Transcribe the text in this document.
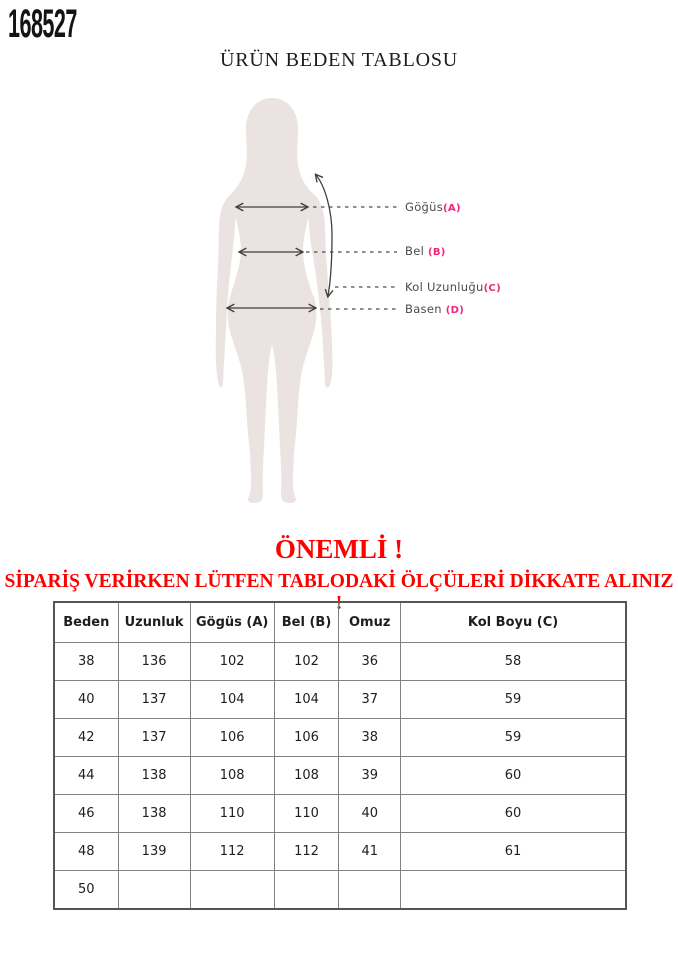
168527
ÜRÜN BEDEN TABLOSU
Göğüs(A)
Bel (B)
Kol Uzunluğu(C)
Basen (D)
ÖNEMLİ !
SİPARİŞ VERİRKEN LÜTFEN TABLODAKİ ÖLÇÜLERİ DİKKATE ALINIZ !
Beden	Uzunluk	Gögüs (A)	Bel (B)	Omuz	Kol Boyu (C)
38	136	102	102	36	58
40	137	104	104	37	59
42	137	106	106	38	59
44	138	108	108	39	60
46	138	110	110	40	60
48	139	112	112	41	61
50					
